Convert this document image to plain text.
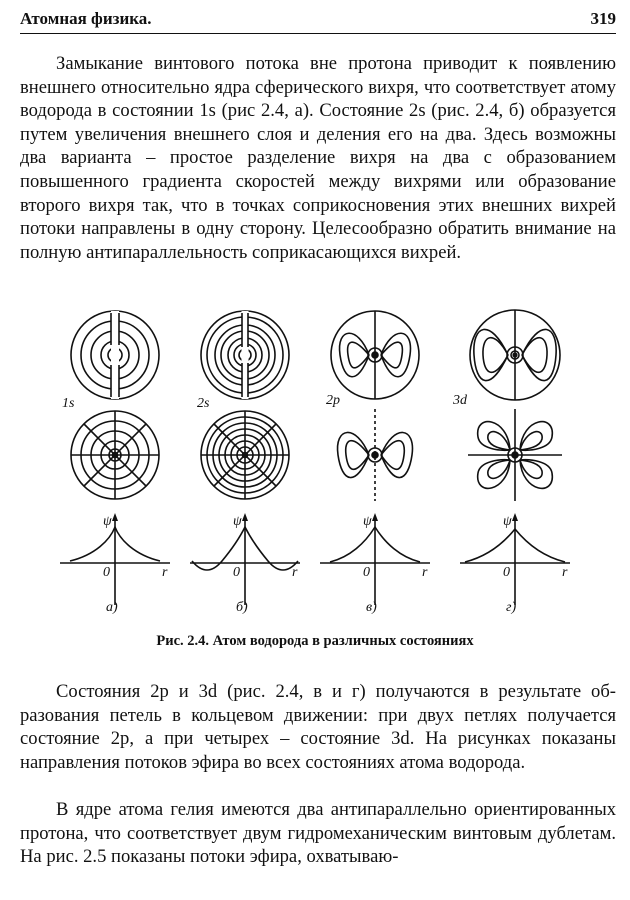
Атомная физика.	319

Замыкание винтового потока вне протона приводит к появлению внешнего относительно ядра сферического вихря, что соответствует атому водорода в состоянии 1s (рис 2.4, а). Состояние 2s (рис. 2.4, б) образуется путем увеличения внешнего слоя и деления его на два. Здесь возможны два варианта – простое разделение вихря на два с образованием повышенного градиента скоростей между вихрями или образование второго вихря так, что в точках соприкосновения этих внешних вихрей потоки направлены в одну сторону. Целесообразно обратить внимание на полную антипараллельность соприкасающихся вихрей.

1s	2s	2p	3d
ψ	ψ	ψ	ψ
0	0	0	0
r	r	r	r
а)	б)	в)	г)
Рис. 2.4. Атом водорода в различных состояниях

Состояния 2p и 3d (рис. 2.4, в и г) получаются в результате образования петель в кольцевом движении: при двух петлях получается состояние 2p, а при четырех – состояние 3d. На рисунках показаны направления потоков эфира во всех состояниях атома водорода.

В ядре атома гелия имеются два антипараллельно ориентированных протона, что соответствует двум гидромеханическим винтовым дублетам. На рис. 2.5 показаны потоки эфира, охватываю-
